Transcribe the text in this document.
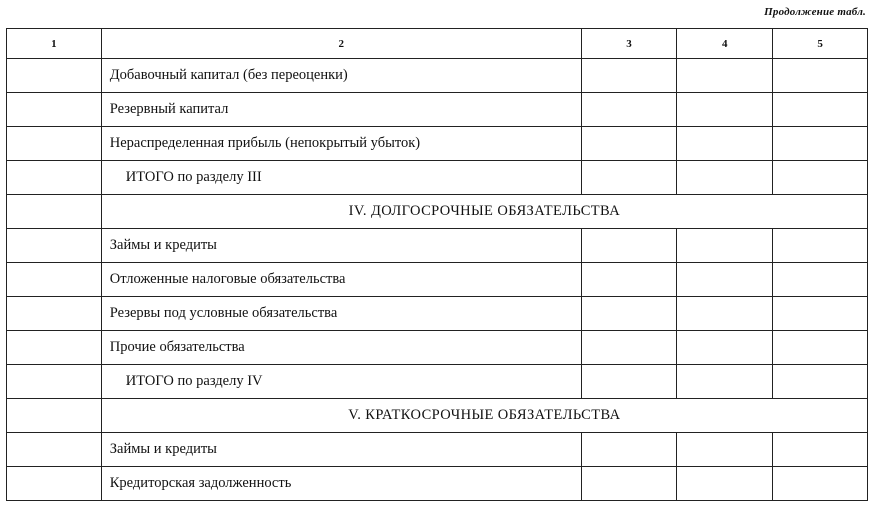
Продолжение табл.
1	2	3	4	5
	Добавочный капитал (без переоценки)			
	Резервный капитал			
	Нераспределенная прибыль (непокрытый убыток)			
	ИТОГО по разделу III			
	IV. ДОЛГОСРОЧНЫЕ ОБЯЗАТЕЛЬСТВА			
	Займы и кредиты			
	Отложенные налоговые обязательства			
	Резервы под условные обязательства			
	Прочие обязательства			
	ИТОГО по разделу IV			
	V. КРАТКОСРОЧНЫЕ ОБЯЗАТЕЛЬСТВА			
	Займы и кредиты			
	Кредиторская задолженность			
